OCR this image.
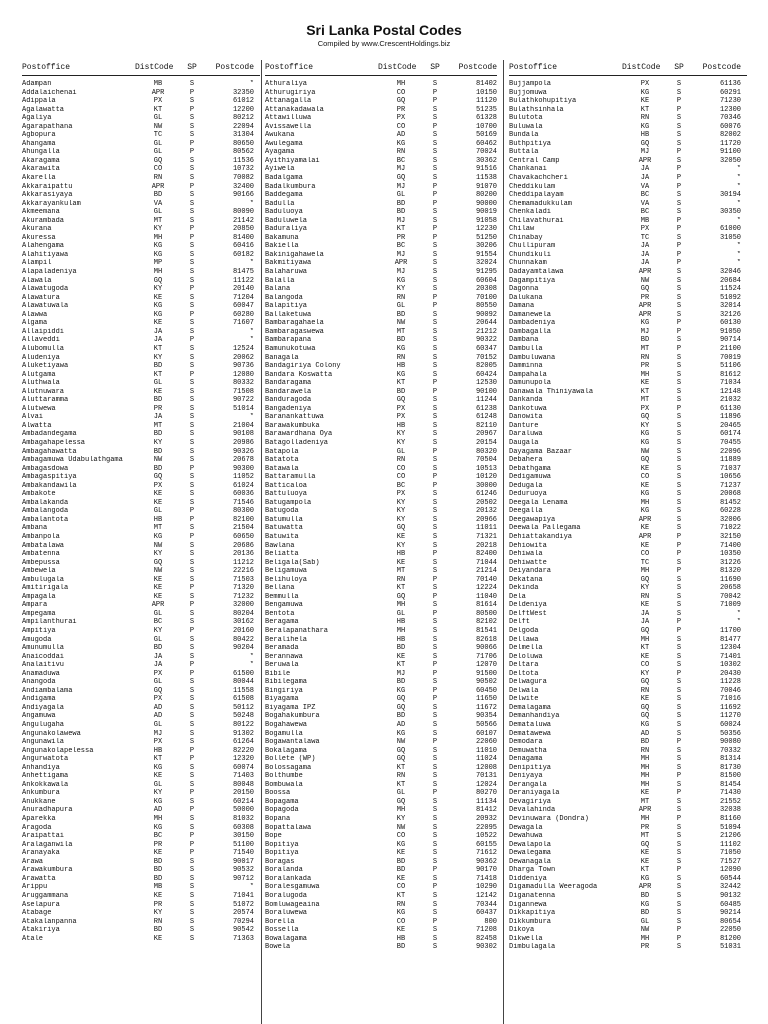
Sri Lanka Postal Codes
Compiled by www.CrescentHoldings.biz
Postoffice	DistCode SP Postcode
Adampan	MB	S	*
Addalaichenai	APR	P	32350
Adippala	PX	S	61012
Agalawatta	KT	P	12200
Agaliya	GL	S	80212
Agarapathana	NW	S	22094
Agbopura	TC	S	31304
Ahangama	GL	P	80650
Ahungalla	GL	P	80562
Akaragama	GQ	S	11536
Akarawita	CO	S	10732
Akarella	RN	S	70082
Akkaraipattu	APR	P	32400
Akkarasiyaya	BD	S	90166
Akkarayankulam	VA	S	*
Akmeemana	GL	S	80090
Akurambada	MT	S	21142
Akurana	KY	P	20850
Akuressa	MH	P	81400
Alahengama	KG	S	60416
Alahitiyawa	KG	S	60182
Alampil	MP	S	*
Alapaladeniya	MH	S	81475
Alawala	GQ	S	11122
Alawatugoda	KY	P	20140
Alawatura	KE	S	71204
Alawatuwala	KG	S	60047
Alawwa	KG	P	60280
Algama	KE	S	71607
Allaipiddi	JA	S	*
Allaveddi	JA	P	*
Alubomulla	KT	S	12524
Aludeniya	KY	S	20062
Aluketiyawa	BD	S	90736
Alutgama	KT	P	12080
Aluthwala	GL	S	80332
Alutnuwara	KE	S	71508
Aluttaramma	BD	S	90722
Alutwewa	PR	S	51014
Alvai	JA	S	*
Alwatta	MT	S	21004
Ambadandegama	BD	S	90108
Ambagahapelessa	KY	S	20986
Ambagahawatta	BD	S	90326
Ambagamuwa Udabulathgama	NW	S	20678
Ambagasdowa	BD	P	90300
Ambagaspitiya	GQ	S	11052
Ambakandawila	PX	S	61024
Ambakote	KE	S	60036
Ambalakanda	KE	S	71546
Ambalangoda	GL	P	80300
Ambalantota	HB	P	82100
Ambana	MT	S	21504
Ambanpola	KG	P	60650
Ambatalawa	NW	S	20686
Ambatenna	KY	S	20136
Ambepussa	GQ	S	11212
Ambewela	NW	S	22216
Ambulugala	KE	S	71503
Amitirigala	KE	P	71320
Ampagala	KE	S	71232
Ampara	APR	P	32000
Ampegama	GL	S	80204
Ampilanthurai	BC	S	30162
Ampitiya	KY	P	20160
Amugoda	GL	S	80422
Amunumulla	BD	S	90204
Anaicoddai	JA	S	*
Analaitivu	JA	P	*
Anamaduwa	PX	P	61500
Anangoda	GL	S	80044
Andiambalama	GQ	S	11558
Andigama	PX	S	61508
Andiyagala	AD	S	50112
Angamuwa	AD	S	50248
Angulugaha	GL	S	80122
Angunakolawewa	MJ	S	91302
Angunawila	PX	S	61264
Angunakolapelessa	HB	P	82220
Angurwatota	KT	P	12320
Anhandiya	KG	S	60074
Anhettigama	KE	S	71403
Ankokkawala	GL	S	80048
Ankumbura	KY	P	20150
Anukkane	KG	S	60214
Anuradhapura	AD	P	50000
Aparekka	MH	S	81032
Aragoda	KG	S	60308
Araipattai	BC	P	30150
Aralaganwila	PR	P	51100
Aranayaka	KE	P	71540
Arawa	BD	S	90017
Arawakumbura	BD	S	90532
Arawatta	BD	S	90712
Arippu	MB	S	*
Aruggammana	KE	S	71041
Aselapura	PR	S	51072
Atabage	KY	S	20574
Atakalanpanna	RN	S	70294
Atakiriya	BD	S	90542
Atale	KE	S	71363
Postoffice	DistCode SP Postcode
Athuraliya	MH	S	81402
Athurugiriya	CO	P	10150
Attanagalla	GQ	P	11120
Attanakadawala	PR	S	51235
Attawilluwa	PX	S	61328
Avissawella	CO	P	10700
Awukana	AD	S	50169
Awulegama	KG	S	60462
Ayagama	RN	S	70024
Ayithiyamalai	BC	S	30362
Ayiwela	MJ	S	91516
Badalgama	GQ	S	11538
Badalkumbura	MJ	P	91070
Baddegama	GL	P	80200
Badulla	BD	P	90000
Baduluoya	BD	S	90019
Baduluwela	MJ	S	91058
Baduraliya	KT	P	12230
Bakamuna	PR	P	51250
Bakiella	BC	S	30206
Bakinigahawela	MJ	S	91554
Bakmitiyawa	APR	S	32024
Balaharuwa	MJ	S	91295
Balalla	KG	S	60604
Balana	KY	S	20308
Balangoda	RN	P	70100
Balapitiya	GL	P	80550
Ballaketuwa	BD	S	90092
Bambaragahaela	NW	S	20644
Bambaragaswewa	MT	S	21212
Bambarapana	BD	S	90322
Bamunukotuwa	KG	S	60347
Banagala	RN	S	70152
Bandagiriya Colony	HB	S	82005
Bandara Koswatta	KG	S	60424
Bandaragama	KT	P	12530
Bandarawela	BD	P	90100
Banduragoda	GQ	S	11244
Bangadeniya	PX	S	61238
Baranankattuwa	PX	S	61248
Barawakumbuka	HB	S	82110
Barawardhana Oya	KY	S	20967
Batagolladeniya	KY	S	20154
Batapola	GL	P	80320
Batatota	RN	S	70504
Batawala	CO	S	10513
Battaramulla	CO	P	10120
Batticaloa	BC	P	30000
Battuluoya	PX	S	61246
Batugampola	KY	S	20502
Batugoda	KY	S	20132
Batumulla	KY	S	20966
Batuwatta	GQ	S	11011
Batuwita	KE	S	71321
Bawlana	KY	S	20218
Beliatta	HB	P	82400
Beligala(Sab)	KE	S	71044
Beligamuwa	MT	S	21214
Belihuloya	RN	P	70140
Bellana	KT	S	12224
Bemmulla	GQ	P	11040
Bengamuwa	MH	S	81614
Bentota	GL	P	80500
Beragama	HB	S	82102
Beralapanathara	MH	S	81541
Beralihela	HB	S	82618
Beramada	BD	S	90066
Berannawa	KE	S	71706
Beruwala	KT	P	12070
Bibile	MJ	P	91500
Bibilegama	BD	S	90502
Bingiriya	KG	P	60450
Biyagama	GQ	P	11650
Biyagama IPZ	GQ	S	11672
Bogahakumbura	BD	S	90354
Bogahawewa	AD	S	50566
Bogamulla	KG	S	60107
Bogawantalawa	NW	P	22060
Bokalagama	GQ	S	11010
Bollete (WP)	GQ	S	11024
Bolossagama	KT	S	12008
Bolthumbe	RN	S	70131
Bombuwala	KT	S	12024
Boossa	GL	P	80270
Bopagama	GQ	S	11134
Bopagoda	MH	S	81412
Bopana	KY	S	20932
Bopattalawa	NW	S	22095
Bope	CO	S	10522
Bopitiya	KG	S	60155
Bopitiya	KE	S	71612
Boragas	BD	S	90362
Boralanda	BD	P	90170
Boralankada	KE	S	71418
Boralesgamuwa	CO	P	10290
Boralugoda	KT	S	12142
Bomluwageaina	RN	S	70344
Boraluwewa	KG	S	60437
Borella	CO	P	800
Bossella	KE	S	71208
Bowalagama	HB	S	82458
Bowela	BD	S	90302
Postoffice	DistCode SP Postcode
Bujjampola	PX	S	61136
Bujjomuwa	KG	S	60291
Bulathkohupitiya	KE	P	71230
Bulathsinhala	KT	P	12300
Bulutota	RN	S	70346
Buluwala	KG	S	60076
Bundala	HB	S	82002
Buthpitiya	GQ	S	11720
Buttala	MJ	P	91100
Central Camp	APR	S	32050
Chankanai	JA	P	*
Chavakachcheri	JA	P	*
Cheddikulam	VA	P	*
Cheddipalayam	BC	S	30194
Chemamadukkulam	VA	S	*
Chenkaladi	BC	S	30350
Chilavathurai	MB	P	*
Chilaw	PX	P	61000
Chinabay	TC	S	31050
Chullipuram	JA	P	*
Chundikuli	JA	P	*
Chunnakam	JA	P	*
Dadayamtalawa	APR	S	32046
Dagampitiya	NW	S	20684
Dagonna	GQ	S	11524
Dalukana	PR	S	51092
Damana	APR	S	32014
Damanewela	APR	S	32126
Dambadeniya	KG	P	60130
Dambagalla	MJ	P	91050
Dambana	BD	S	90714
Dambulla	MT	P	21100
Dambuluwana	RN	S	70019
Damminna	PR	S	51106
Dampahala	MH	S	81612
Damunupola	KE	S	71034
Danawala Thiniyawala	KT	S	12148
Dankanda	MT	S	21032
Dankotuwa	PX	P	61130
Danowita	GQ	S	11896
Danture	KY	S	20465
Daraluwa	KG	S	60174
Daugala	KG	S	70455
Dayagama Bazaar	NW	S	22096
Debahera	GQ	S	11889
Debathgama	KE	S	71037
Dedigamuwa	CO	S	10656
Dedugala	KE	S	71237
Deduruoya	KG	S	20068
Deegala Lenama	MH	S	81452
Deegalla	KG	S	60228
Deegawapiya	APR	S	32006
Deewala Pallegama	KE	S	71022
Dehiattakandiya	APR	P	32150
Dehiowita	KE	P	71400
Dehiwala	CO	P	10350
Dehiwatte	TC	S	31226
Deiyandara	MH	P	81320
Dekatana	GQ	S	11690
Dekinda	KY	S	20658
Dela	RN	S	70042
Deldeniya	KE	S	71009
DelftWest	JA	S	*
Delft	JA	P	*
Delgoda	GQ	P	11700
Dellawa	MH	S	81477
Delmella	KT	S	12304
Deloluwa	KE	S	71401
Deltara	CO	S	10302
Deltota	KY	P	20430
Delwagura	GQ	S	11228
Delwala	RN	S	70046
Delwite	KE	S	71016
Demalagama	GQ	S	11692
Demanhandiya	GQ	S	11270
Demataluwa	KG	S	60024
Dematawewa	AD	S	50356
Demodara	BD	P	90080
Demuwatha	RN	S	70332
Denagama	MH	S	81314
Denipitiya	MH	S	81730
Deniyaya	MH	P	81500
Derangala	MH	S	81454
Deraniyagala	KE	P	71430
Devagiriya	MT	S	21552
Devalahinda	APR	S	32038
Devinuwara (Dondra)	MH	P	81160
Dewagala	PR	S	51094
Dewahuwa	MT	S	21206
Dewalapola	GQ	S	11102
Dewalegama	KE	S	71050
Dewanagala	KE	S	71527
Dharga Town	KT	P	12090
Diddeniya	KG	S	60544
Digamadulla Weeragoda	APR	S	32442
Diganatenna	BD	S	90132
Digannewa	KG	S	60485
Dikkapitiya	BD	S	90214
Dikkumbura	GL	S	80654
Dikoya	NW	P	22050
Dikwella	MH	P	81200
Dimbulagala	PR	S	51031
